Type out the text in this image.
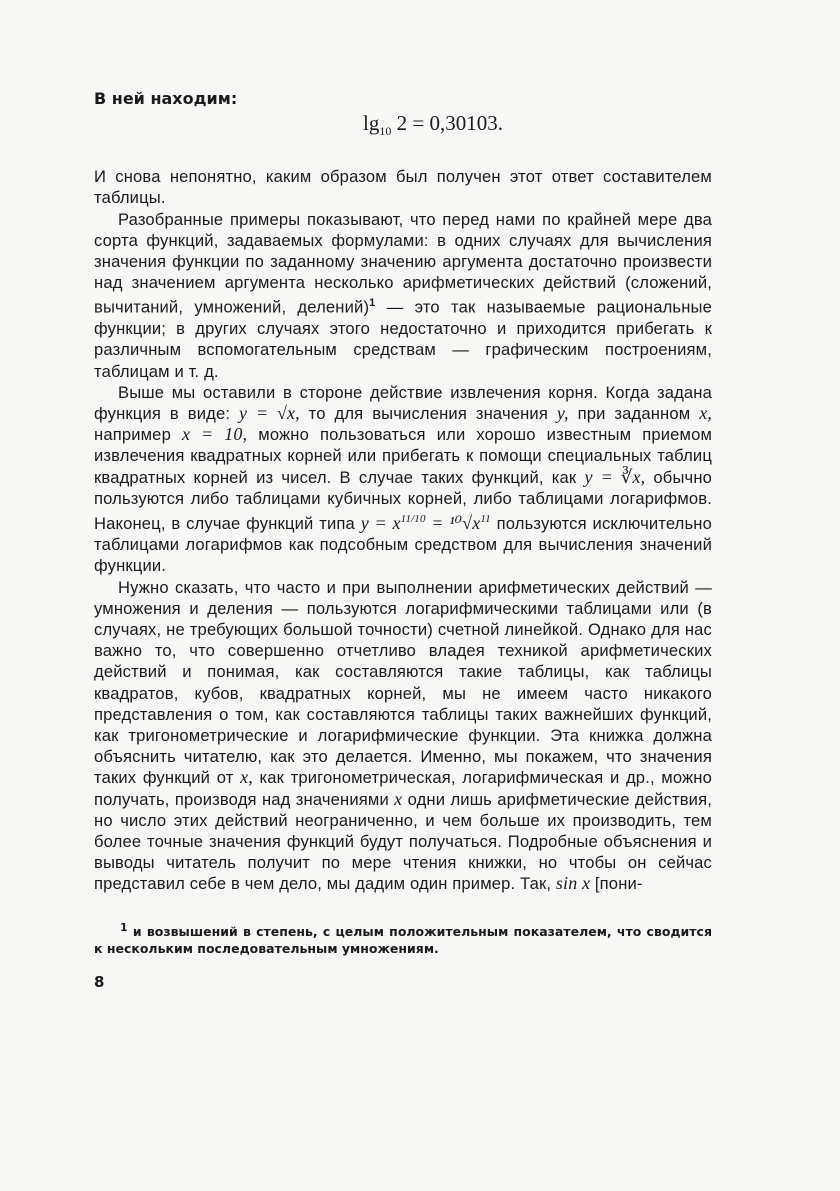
В ней находим:

$\lg_{10} 2 = 0,30103$.

И снова непонятно, каким образом был получен этот ответ составителем таблицы.

Разобранные примеры показывают, что перед нами по крайней мере два сорта функций, задаваемых формулами: в одних случаях для вычисления значения функции по заданному значению аргумента достаточно произвести над значением аргумента несколько арифметических действий (сложений, вычитаний, умножений, делений)$^1$ — это так называемые рациональные функции; в других случаях этого недостаточно и приходится прибегать к различным вспомогательным средствам — графическим построениям, таблицам и т. д.

Выше мы оставили в стороне действие извлечения корня. Когда задана функция в виде: y = √x, то для вычисления значения y, при заданном x, например x = 10, можно пользоваться или хорошо известным приемом извлечения квадратных корней или прибегать к помощи специальных таблиц квадратных корней из чисел. В случае таких функций, как y = ∛x, обычно пользуются либо таблицами кубичных корней, либо таблицами логарифмов. Наконец, в случае функций типа $y = x^{11/10} = ^{10}√x^{11}$ пользуются исключительно таблицами логарифмов как подсобным средством для вычисления значений функции.

Нужно сказать, что часто и при выполнении арифметических действий — умножения и деления — пользуются логарифмическими таблицами или (в случаях, не требующих большой точности) счетной линейкой. Однако для нас важно то, что совершенно отчетливо владея техникой арифметических действий и понимая, как составляются такие таблицы, как таблицы квадратов, кубов, квадратных корней, мы не имеем часто никакого представления о том, как составляются таблицы таких важнейших функций, как тригонометрические и логарифмические функции. Эта книжка должна объяснить читателю, как это делается. Именно, мы покажем, что значения таких функций от x, как тригонометрическая, логарифмическая и др., можно получать, производя над значениями x одни лишь арифметические действия, но число этих действий неограниченно, и чем больше их производить, тем более точные значения функций будут получаться. Подробные объяснения и выводы читатель получит по мере чтения книжки, но чтобы он сейчас представил себе в чем дело, мы дадим один пример. Так, sin x [пони-

1 и возвышений в степень, с целым положительным показателем, что сводится к нескольким последовательным умножениям.
8
